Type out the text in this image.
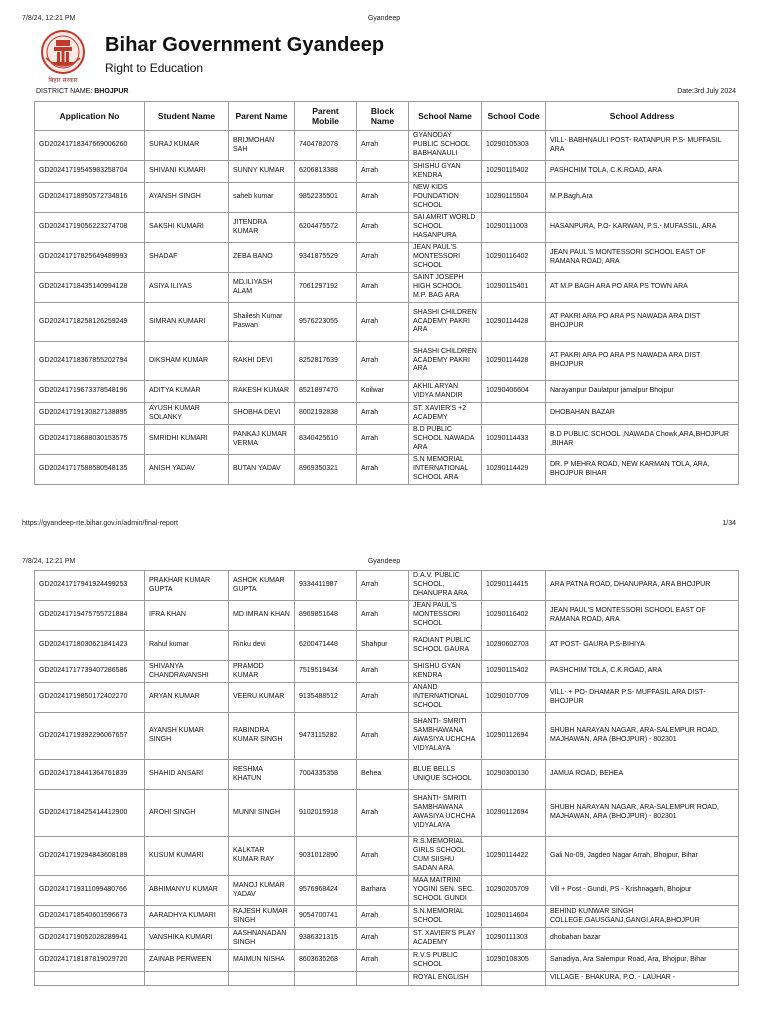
7/8/24, 12:21 PM	Gyandeep
बिहार सरकार
Bihar Government Gyandeep
Right to Education
DISTRICT NAME: BHOJPUR	Date:3rd July 2024
Application No	Student Name	Parent Name	Parent Mobile	Block Name	School Name	School Code	School Address
GD20241718347669006260	SURAJ KUMAR	BRIJMOHAN SAH	7404782078	Arrah	GYANODAY PUBLIC SCHOOL BABHANAULI	10290105303	VILL- BABHNAULI POST- RATANPUR P.S- MUFFASIL ARA
GD20241719545983258704	SHIVANI KUMARI	SUNNY KUMAR	6206813388	Arrah	SHISHU GYAN KENDRA	10290115402	PASHCHIM TOLA, C.K.ROAD, ARA
GD20241718950572734816	AYANSH SINGH	saheb kumar	9852235501	Arrah	NEW KIDS FOUNDATION SCHOOL	10290115504	M.P.Bagh,Ara
GD20241719056223274708	SAKSHI KUMARI	JITENDRA KUMAR	6204475572	Arrah	SAI AMRIT WORLD SCHOOL HASANPURA	10290111003	HASANPURA, P.O- KARWAN, P.S.- MUFASSIL, ARA
GD20241717825649489993	SHADAF	ZEBA BANO	9341875529	Arrah	JEAN PAUL'S MONTESSORI SCHOOL	10290116402	JEAN PAUL'S MONTESSORI SCHOOL EAST OF RAMANA ROAD, ARA
GD20241718435140994128	ASIYA ILIYAS	MD.ILIYASH ALAM	7061297192	Arrah	SAINT JOSEPH HIGH SCHOOL M.P. BAG ARA	10290115401	AT M.P BAGH ARA PO ARA PS TOWN ARA
GD20241718258126259249	SIMRAN KUMARI	Shailesh Kumar Paswan	9576223055	Arrah	SHASHI CHILDREN ACADEMY PAKRI ARA	10290114428	AT PAKRI ARA PO ARA PS NAWADA ARA DIST BHOJPUR
GD20241718367855202794	DIKSHAM KUMAR	RAKHI DEVI	8252817639	Arrah	SHASHI CHILDREN ACADEMY PAKRI ARA	10290114428	AT PAKRI ARA PO ARA PS NAWADA ARA DIST BHOJPUR
GD20241719673378548196	ADITYA KUMAR	RAKESH KUMAR	8521897470	Koilwar	AKHIL ARYAN VIDYA MANDIR	10290406604	Narayanpur Daulatpur jamalpur Bhojpur
GD20241719130827138895	AYUSH KUMAR SOLANKY	SHOBHA DEVI	8002192838	Arrah	ST. XAVIER'S +2 ACADEMY		DHOBAHAN BAZAR
GD20241718688030153575	SMRIDHI KUMARI	PANKAJ KUMAR VERMA	8340425610	Arrah	B.D PUBLIC SCHOOL NAWADA ARA	10290114433	B.D PUBLIC SCHOOL ,NAWADA Chowk,ARA,BHOJPUR ,BIHAR
GD20241717588580548135	ANISH YADAV	BUTAN YADAV	8969350321	Arrah	S.N MEMORIAL INTERNATIONAL SCHOOL ARA	10290114429	DR. P MEHRA ROAD, NEW KARMAN TOLA, ARA, BHOJPUR BIHAR
https://gyandeep-rte.bihar.gov.in/admin/final-report	1/34
7/8/24, 12:21 PM	Gyandeep
GD20241717941924499253	PRAKHAR KUMAR GUPTA	ASHOK KUMAR GUPTA	9334411987	Arrah	D.A.V. PUBLIC SCHOOL, DHANUPRA ARA	10290114415	ARA PATNA ROAD, DHANUPARA, ARA BHOJPUR
GD20241719475755721884	IFRA KHAN	MD IMRAN KHAN	8969851648	Arrah	JEAN PAUL'S MONTESSORI SCHOOL	10290116402	JEAN PAUL'S MONTESSORI SCHOOL EAST OF RAMANA ROAD, ARA
GD20241718030621841423	Rahul kumar	Rinku devi	6200471448	Shahpur	RADIANT PUBLIC SCHOOL GAURA	10290602703	AT POST- GAURA P.S-BIHIYA
GD20241717739407286586	SHIVANYA CHANDRAVANSHI	PRAMOD KUMAR	7519519434	Arrah	SHISHU GYAN KENDRA	10290115402	PASHCHIM TOLA, C.K.ROAD, ARA
GD20241719850172402270	ARYAN KUMAR	VEERU KUMAR	9135488512	Arrah	ANAND INTERNATIONAL SCHOOL	10290107709	VILL- + PO- DHAMAR P.S- MUFFASIL ARA DIST- BHOJPUR
GD20241719392296067657	AYANSH KUMAR SINGH	RABINDRA KUMAR SINGH	9473115282	Arrah	SHANTI- SMRITI SAMBHAWANA AWASIYA UCHCHA VIDYALAYA	10290112694	SHUBH NARAYAN NAGAR, ARA-SALEMPUR ROAD, MAJHAWAN, ARA (BHOJPUR) - 802301
GD20241718441364761839	SHAHID ANSARI	RESHMA KHATUN	7004335358	Behea	BLUE BELLS UNIQUE SCHOOL	10290300130	JAMUA ROAD, BEHEA
GD20241718425414412900	AROHI SINGH	MUNNI SINGH	9102015918	Arrah	SHANTI- SMRITI SAMBHAWANA AWASIYA UCHCHA VIDYALAYA	10290112694	SHUBH NARAYAN NAGAR, ARA-SALEMPUR ROAD, MAJHAWAN, ARA (BHOJPUR) - 802301
GD20241719294843608189	KUSUM KUMARI	KALKTAR KUMAR RAY	9031012890	Arrah	R.S.MEMORIAL GIRLS SCHOOL CUM SIISHU SADAN ARA	10290114422	Gali No-09, Jagdeo Nagar Arrah, Bhojpur, Bihar
GD20241719311099480766	ABHIMANYU KUMAR	MANOJ KUMAR YADAV	9576968424	Barhara	MAA MAITRINI YOGINI SEN. SEC. SCHOOL GUNDI	10290205709	Vill + Post - Gundi, PS - Krishnagarh, Bhojpur
GD20241718540601596673	AARADHYA KUMARI	RAJESH KUMAR SINGH	9054700741	Arrah	S.N.MEMORIAL SCHOOL	10290114604	BEHIND KUNWAR SINGH COLLEGE,GAUSGANJ,GANGI,ARA,BHOJPUR
GD20241719052028289941	VANSHIKA KUMARI	AASHNANADAN SINGH	9386321315	Arrah	ST. XAVIER'S PLAY ACADEMY	10290111303	dhobahan bazar
GD20241718187819029720	ZAINAB PERWEEN	MAIMUN NISHA	8603635268	Arrah	R.V.S PUBLIC SCHOOL	10290108305	Sanadiya, Ara Salempur Road, Ara, Bhojpur, Bihar
					ROYAL ENGLISH		VILLAGE - BHAKURA, P.O. - LAUHAR -
